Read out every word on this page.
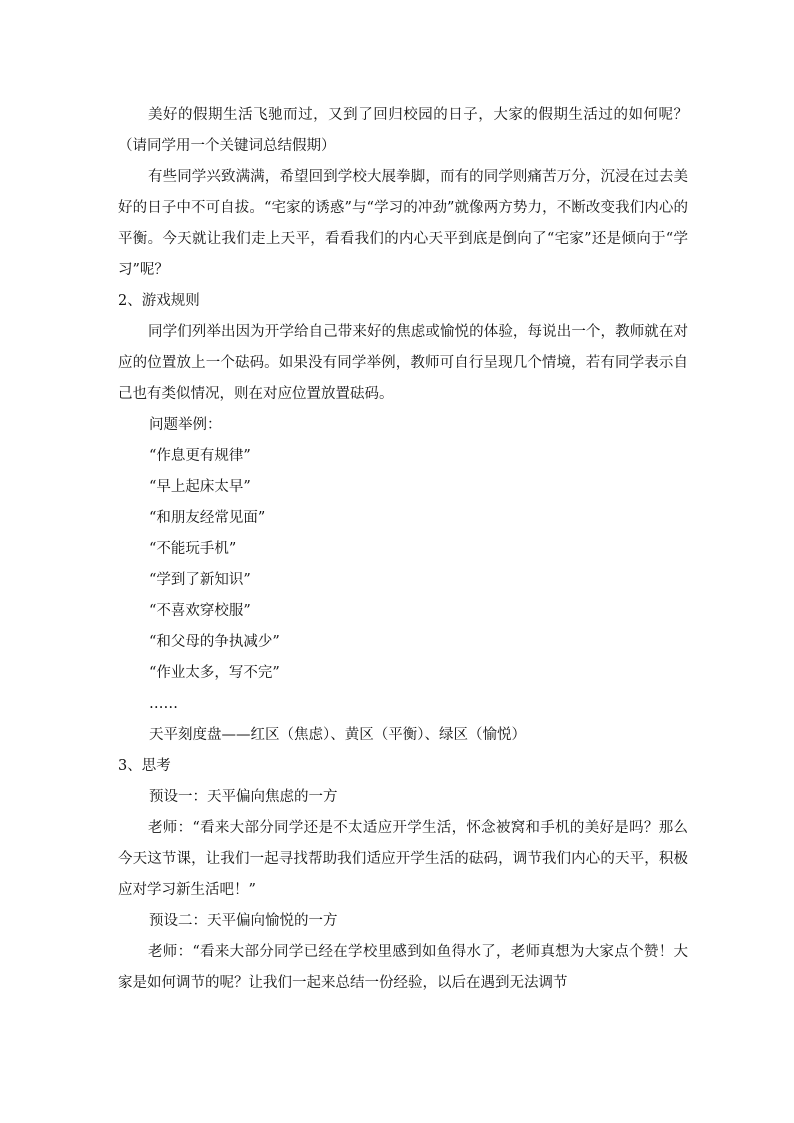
美好的假期生活飞驰而过，又到了回归校园的日子，大家的假期生活过的如何呢？（请同学用一个关键词总结假期）

有些同学兴致满满，希望回到学校大展拳脚，而有的同学则痛苦万分，沉浸在过去美好的日子中不可自拔。“宅家的诱惑”与“学习的冲劲”就像两方势力，不断改变我们内心的平衡。今天就让我们走上天平，看看我们的内心天平到底是倒向了“宅家”还是倾向于“学习”呢？

2、游戏规则

同学们列举出因为开学给自己带来好的焦虑或愉悦的体验，每说出一个，教师就在对应的位置放上一个砝码。如果没有同学举例，教师可自行呈现几个情境，若有同学表示自己也有类似情况，则在对应位置放置砝码。

问题举例：

“作息更有规律”

“早上起床太早”

“和朋友经常见面”

“不能玩手机”

“学到了新知识”

“不喜欢穿校服”

“和父母的争执减少”

“作业太多，写不完”

……

天平刻度盘——红区（焦虑）、黄区（平衡）、绿区（愉悦）

3、思考

预设一：天平偏向焦虑的一方

老师：“看来大部分同学还是不太适应开学生活，怀念被窝和手机的美好是吗？那么今天这节课，让我们一起寻找帮助我们适应开学生活的砝码，调节我们内心的天平，积极应对学习新生活吧！”

预设二：天平偏向愉悦的一方

老师：“看来大部分同学已经在学校里感到如鱼得水了，老师真想为大家点个赞！大家是如何调节的呢？让我们一起来总结一份经验，以后在遇到无法调节
